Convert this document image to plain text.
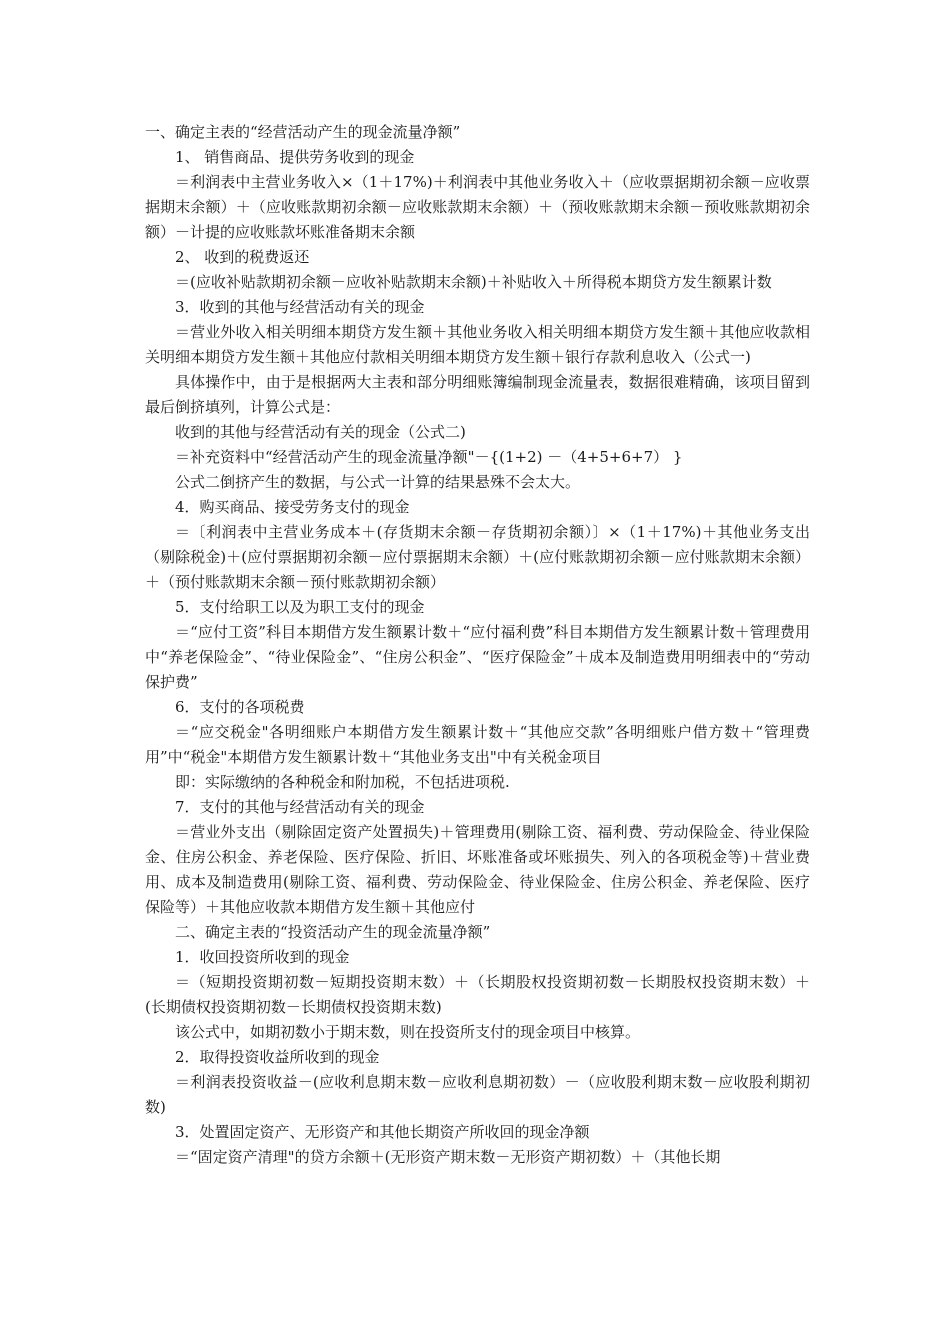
一、确定主表的“经营活动产生的现金流量净额”

1、 销售商品、提供劳务收到的现金

＝利润表中主营业务收入×（1＋17%)＋利润表中其他业务收入＋（应收票据期初余额－应收票据期末余额）＋（应收账款期初余额－应收账款期末余额）＋（预收账款期末余额－预收账款期初余额）－计提的应收账款坏账准备期末余额

2、 收到的税费返还

＝(应收补贴款期初余额－应收补贴款期末余额)＋补贴收入＋所得税本期贷方发生额累计数

3．收到的其他与经营活动有关的现金

＝营业外收入相关明细本期贷方发生额＋其他业务收入相关明细本期贷方发生额＋其他应收款相关明细本期贷方发生额＋其他应付款相关明细本期贷方发生额＋银行存款利息收入（公式一)

具体操作中，由于是根据两大主表和部分明细账簿编制现金流量表，数据很难精确，该项目留到最后倒挤填列，计算公式是：

收到的其他与经营活动有关的现金（公式二)

＝补充资料中“经营活动产生的现金流量净额"－{(1+2) －（4+5+6+7） }

公式二倒挤产生的数据，与公式一计算的结果悬殊不会太大。

4．购买商品、接受劳务支付的现金

＝〔利润表中主营业务成本＋(存货期末余额－存货期初余额）〕×（1＋17%)＋其他业务支出（剔除税金)＋(应付票据期初余额－应付票据期末余额）＋(应付账款期初余额－应付账款期末余额）＋（预付账款期末余额－预付账款期初余额）

5．支付给职工以及为职工支付的现金

＝“应付工资”科目本期借方发生额累计数＋“应付福利费”科目本期借方发生额累计数＋管理费用中“养老保险金”、“待业保险金”、“住房公积金”、“医疗保险金”＋成本及制造费用明细表中的“劳动保护费”

6．支付的各项税费

＝“应交税金"各明细账户本期借方发生额累计数＋“其他应交款”各明细账户借方数＋“管理费用”中“税金"本期借方发生额累计数＋“其他业务支出"中有关税金项目

即：实际缴纳的各种税金和附加税，不包括进项税.

7．支付的其他与经营活动有关的现金

＝营业外支出（剔除固定资产处置损失)＋管理费用(剔除工资、福利费、劳动保险金、待业保险金、住房公积金、养老保险、医疗保险、折旧、坏账准备或坏账损失、列入的各项税金等)＋营业费用、成本及制造费用(剔除工资、福利费、劳动保险金、待业保险金、住房公积金、养老保险、医疗保险等）＋其他应收款本期借方发生额＋其他应付

二、确定主表的“投资活动产生的现金流量净额”

1．收回投资所收到的现金

＝（短期投资期初数－短期投资期末数）＋（长期股权投资期初数－长期股权投资期末数）＋(长期债权投资期初数－长期债权投资期末数)

该公式中，如期初数小于期末数，则在投资所支付的现金项目中核算。

2．取得投资收益所收到的现金

＝利润表投资收益－(应收利息期末数－应收利息期初数）－（应收股利期末数－应收股利期初数)

3．处置固定资产、无形资产和其他长期资产所收回的现金净额

＝“固定资产清理"的贷方余额＋(无形资产期末数－无形资产期初数）＋（其他长期
